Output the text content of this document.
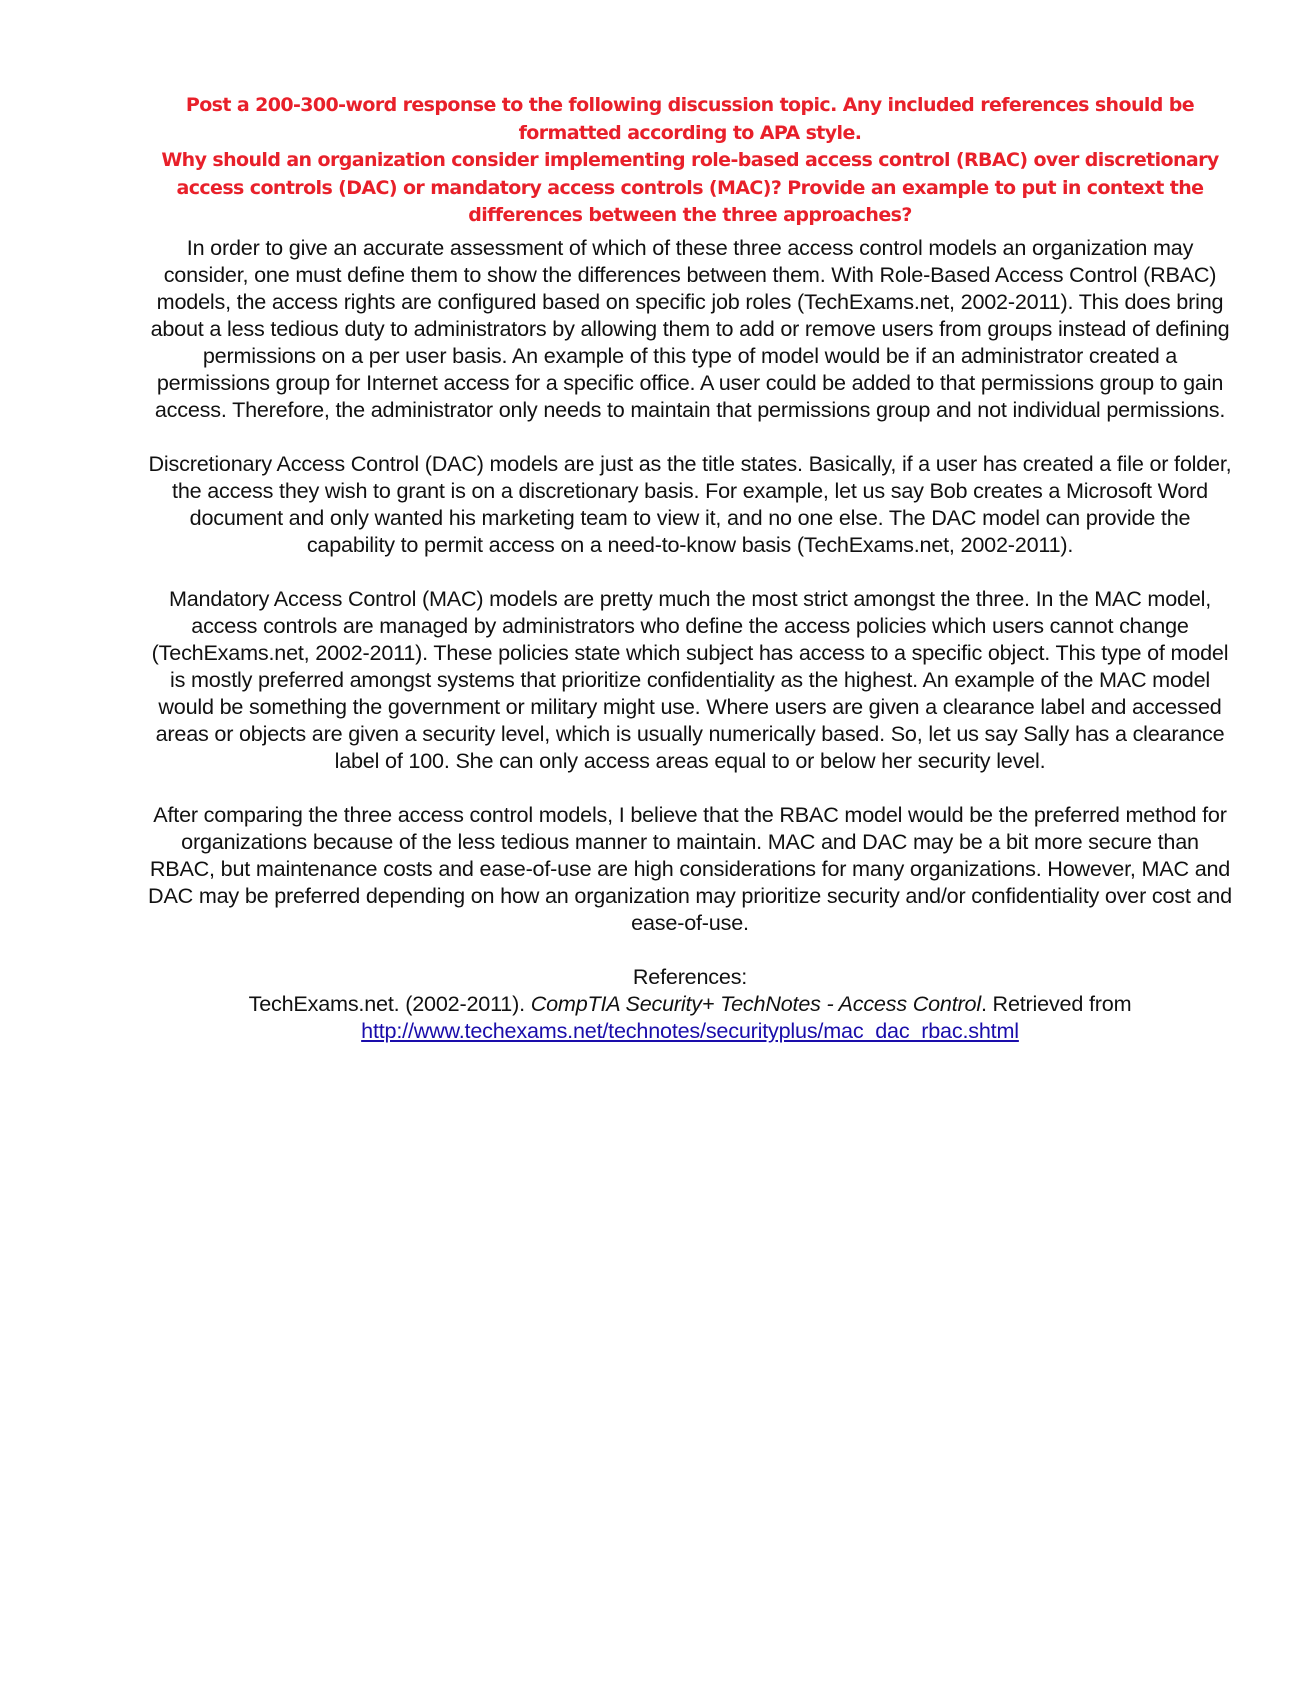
Post a 200-300-word response to the following discussion topic. Any included references should be formatted according to APA style.

Why should an organization consider implementing role-based access control (RBAC) over discretionary access controls (DAC) or mandatory access controls (MAC)? Provide an example to put in context the differences between the three approaches?

In order to give an accurate assessment of which of these three access control models an organization may consider, one must define them to show the differences between them. With Role-Based Access Control (RBAC) models, the access rights are configured based on specific job roles (TechExams.net, 2002-2011). This does bring about a less tedious duty to administrators by allowing them to add or remove users from groups instead of defining permissions on a per user basis. An example of this type of model would be if an administrator created a permissions group for Internet access for a specific office. A user could be added to that permissions group to gain access. Therefore, the administrator only needs to maintain that permissions group and not individual permissions.

Discretionary Access Control (DAC) models are just as the title states. Basically, if a user has created a file or folder, the access they wish to grant is on a discretionary basis. For example, let us say Bob creates a Microsoft Word document and only wanted his marketing team to view it, and no one else. The DAC model can provide the capability to permit access on a need-to-know basis (TechExams.net, 2002-2011).

Mandatory Access Control (MAC) models are pretty much the most strict amongst the three. In the MAC model, access controls are managed by administrators who define the access policies which users cannot change (TechExams.net, 2002-2011). These policies state which subject has access to a specific object. This type of model is mostly preferred amongst systems that prioritize confidentiality as the highest. An example of the MAC model would be something the government or military might use. Where users are given a clearance label and accessed areas or objects are given a security level, which is usually numerically based. So, let us say Sally has a clearance label of 100. She can only access areas equal to or below her security level.

After comparing the three access control models, I believe that the RBAC model would be the preferred method for organizations because of the less tedious manner to maintain. MAC and DAC may be a bit more secure than RBAC, but maintenance costs and ease-of-use are high considerations for many organizations. However, MAC and DAC may be preferred depending on how an organization may prioritize security and/or confidentiality over cost and ease-of-use.

References:
TechExams.net. (2002-2011). CompTIA Security+ TechNotes - Access Control. Retrieved from
http://www.techexams.net/technotes/securityplus/mac_dac_rbac.shtml
